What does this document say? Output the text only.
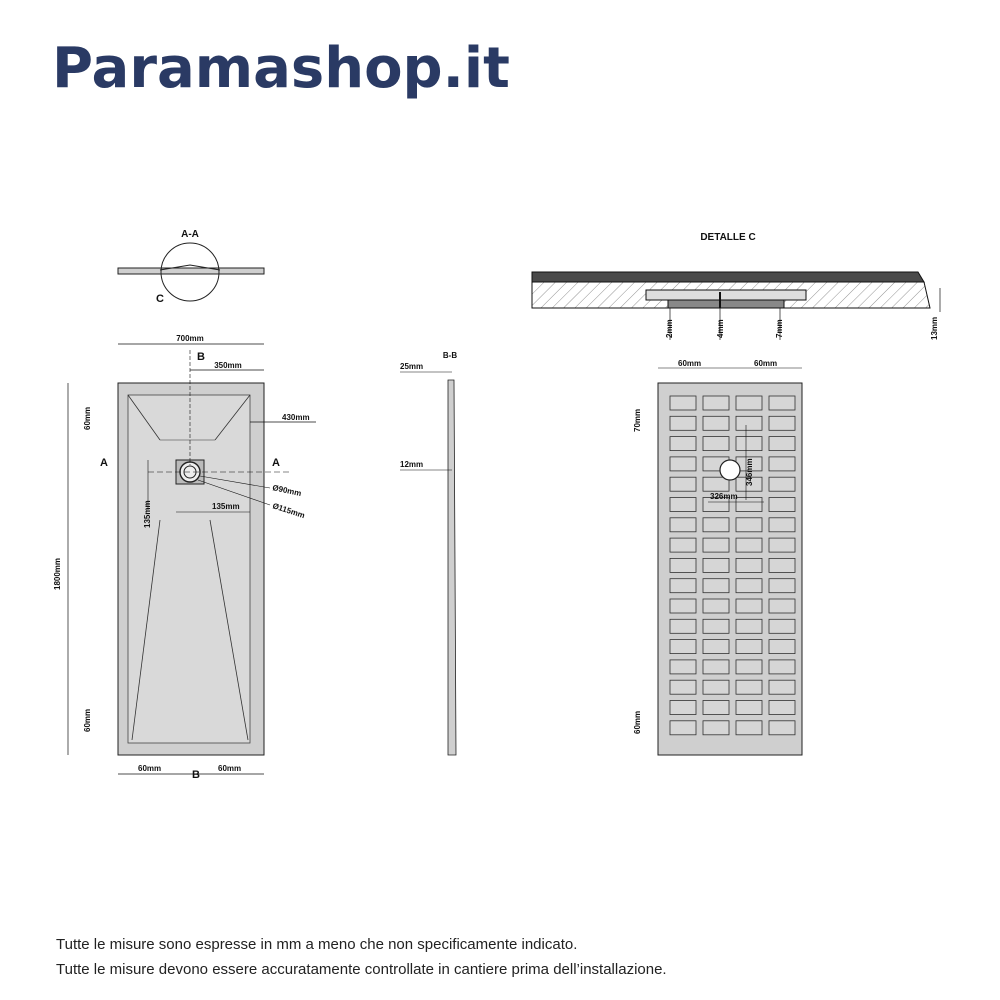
Paramashop.it
A-A
C
DETALLE C
2mm	4mm	7mm	13mm
700mm
350mm
B
1800mm
60mm
60mm
430mm
A	A
135mm	135mm
Ø90mm
Ø115mm
60mm	60mm
B
B-B
25mm
12mm
60mm	60mm
70mm
60mm
326mm
346mm
Tutte le misure sono espresse in mm a meno che non specificamente indicato.
Tutte le misure devono essere accuratamente controllate in cantiere prima dell’installazione.
